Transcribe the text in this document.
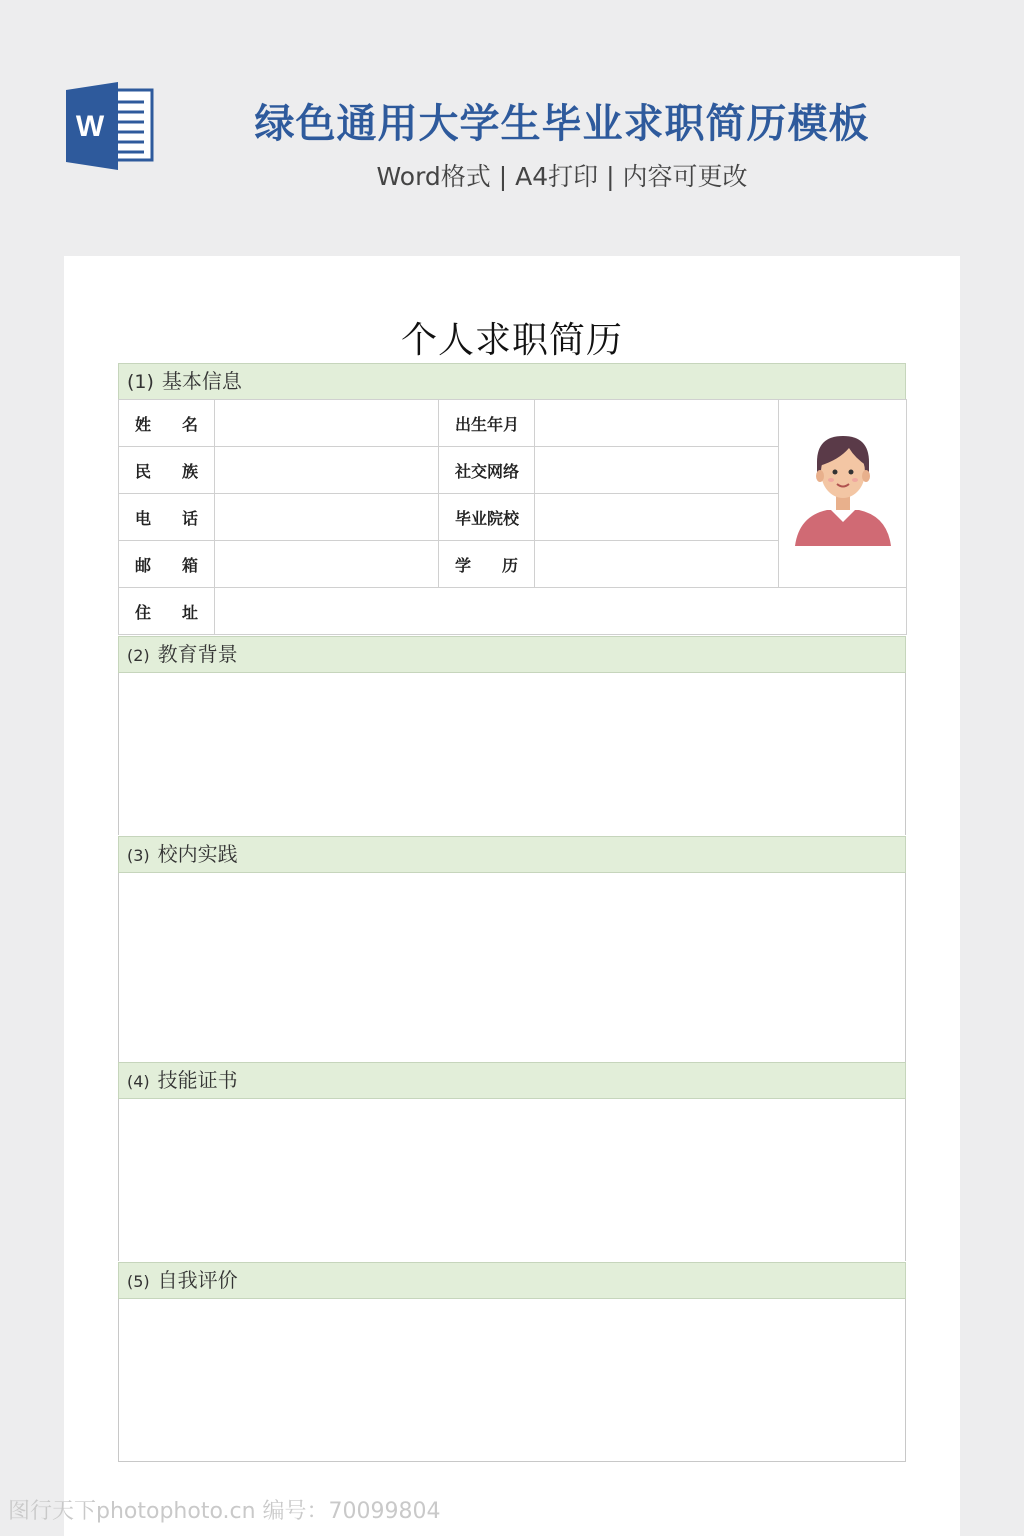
W	绿色通用大学生毕业求职简历模板
Word格式 | A4打印 | 内容可更改
个人求职简历
(1) 基本信息
姓 名		出生年月

民 族		社交网络		

电 话		毕业院校		

邮 箱		学 历		

住 址				

(2) 教育背景
(3) 校内实践
(4) 技能证书
(5) 自我评价
图行天下photophoto.cn 编号：70099804
